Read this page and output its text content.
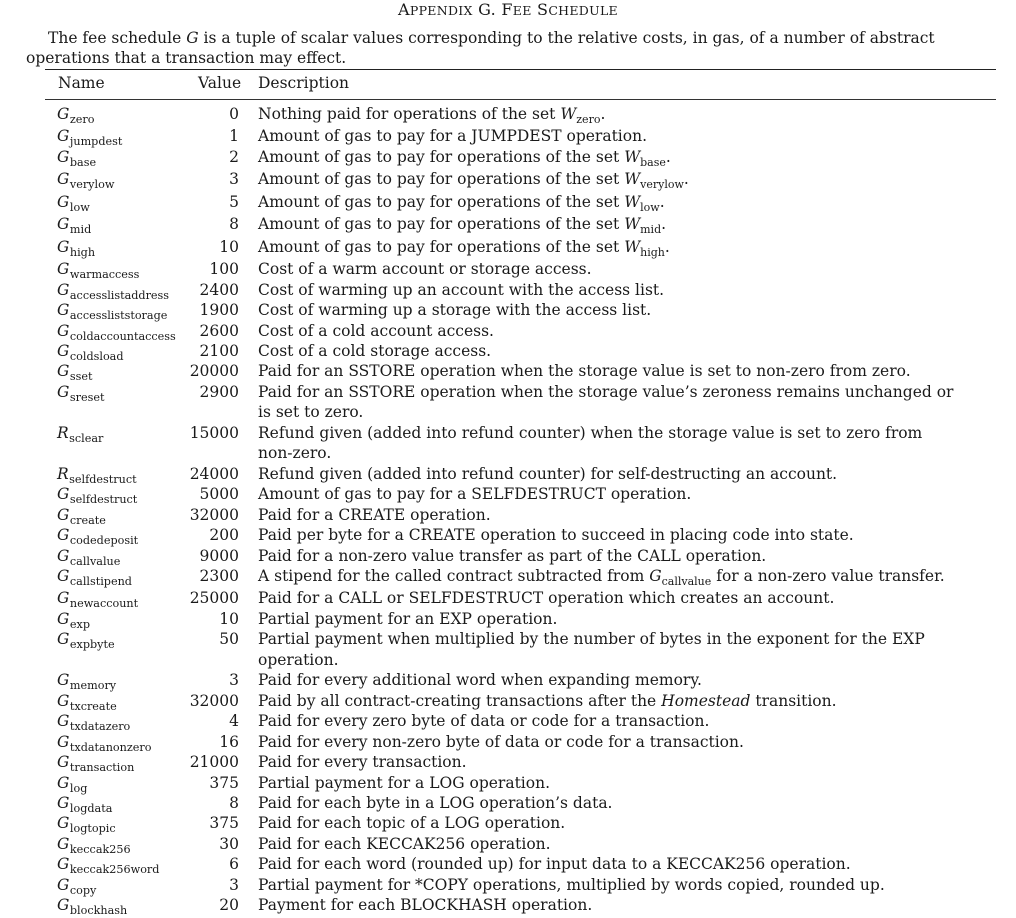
APPENDIX G. FEE SCHEDULE
The fee schedule G is a tuple of scalar values corresponding to the relative costs, in gas, of a number of abstract operations that a transaction may effect.
Name	Value Description
$G_{zero}$	0 Nothing paid for operations of the set $W_{zero}$.
$G_{jumpdest}$	1 Amount of gas to pay for a JUMPDEST operation.
$G_{base}$	2 Amount of gas to pay for operations of the set $W_{base}$.
$G_{verylow}$	3 Amount of gas to pay for operations of the set $W_{verylow}$.
$G_{low}$	5 Amount of gas to pay for operations of the set $W_{low}$.
$G_{mid}$	8 Amount of gas to pay for operations of the set $W_{mid}$.
$G_{high}$	10 Amount of gas to pay for operations of the set $W_{high}$.
$G_{warmaccess}$	100 Cost of a warm account or storage access.
$G_{accesslistaddress}$	2400 Cost of warming up an account with the access list.
$G_{accessliststorage}$	1900 Cost of warming up a storage with the access list.
$G_{coldaccountaccess}$	2600 Cost of a cold account access.
$G_{coldsload}$	2100 Cost of a cold storage access.
$G_{sset}$	20000 Paid for an SSTORE operation when the storage value is set to non-zero from zero.
$G_{sreset}$	2900 Paid for an SSTORE operation when the storage value’s zeroness remains unchanged or is set to zero.
$R_{sclear}$	15000 Refund given (added into refund counter) when the storage value is set to zero from non-zero.
$R_{selfdestruct}$	24000 Refund given (added into refund counter) for self-destructing an account.
$G_{selfdestruct}$	5000 Amount of gas to pay for a SELFDESTRUCT operation.
$G_{create}$	32000 Paid for a CREATE operation.
$G_{codedeposit}$	200 Paid per byte for a CREATE operation to succeed in placing code into state.
$G_{callvalue}$	9000 Paid for a non-zero value transfer as part of the CALL operation.
$G_{callstipend}$	2300 A stipend for the called contract subtracted from $G_{callvalue}$ for a non-zero value transfer.
$G_{newaccount}$	25000 Paid for a CALL or SELFDESTRUCT operation which creates an account.
$G_{exp}$	10 Partial payment for an EXP operation.
$G_{expbyte}$	50 Partial payment when multiplied by the number of bytes in the exponent for the EXP operation.
$G_{memory}$	3 Paid for every additional word when expanding memory.
$G_{txcreate}$	32000 Paid by all contract-creating transactions after the Homestead transition.
$G_{txdatazero}$	4 Paid for every zero byte of data or code for a transaction.
$G_{txdatanonzero}$	16 Paid for every non-zero byte of data or code for a transaction.
$G_{transaction}$	21000 Paid for every transaction.
$G_{log}$	375 Partial payment for a LOG operation.
$G_{logdata}$	8 Paid for each byte in a LOG operation’s data.
$G_{logtopic}$	375 Paid for each topic of a LOG operation.
$G_{keccak256}$	30 Paid for each KECCAK256 operation.
$G_{keccak256word}$	6 Paid for each word (rounded up) for input data to a KECCAK256 operation.
$G_{copy}$	3 Partial payment for *COPY operations, multiplied by words copied, rounded up.
$G_{blockhash}$	20 Payment for each BLOCKHASH operation.
